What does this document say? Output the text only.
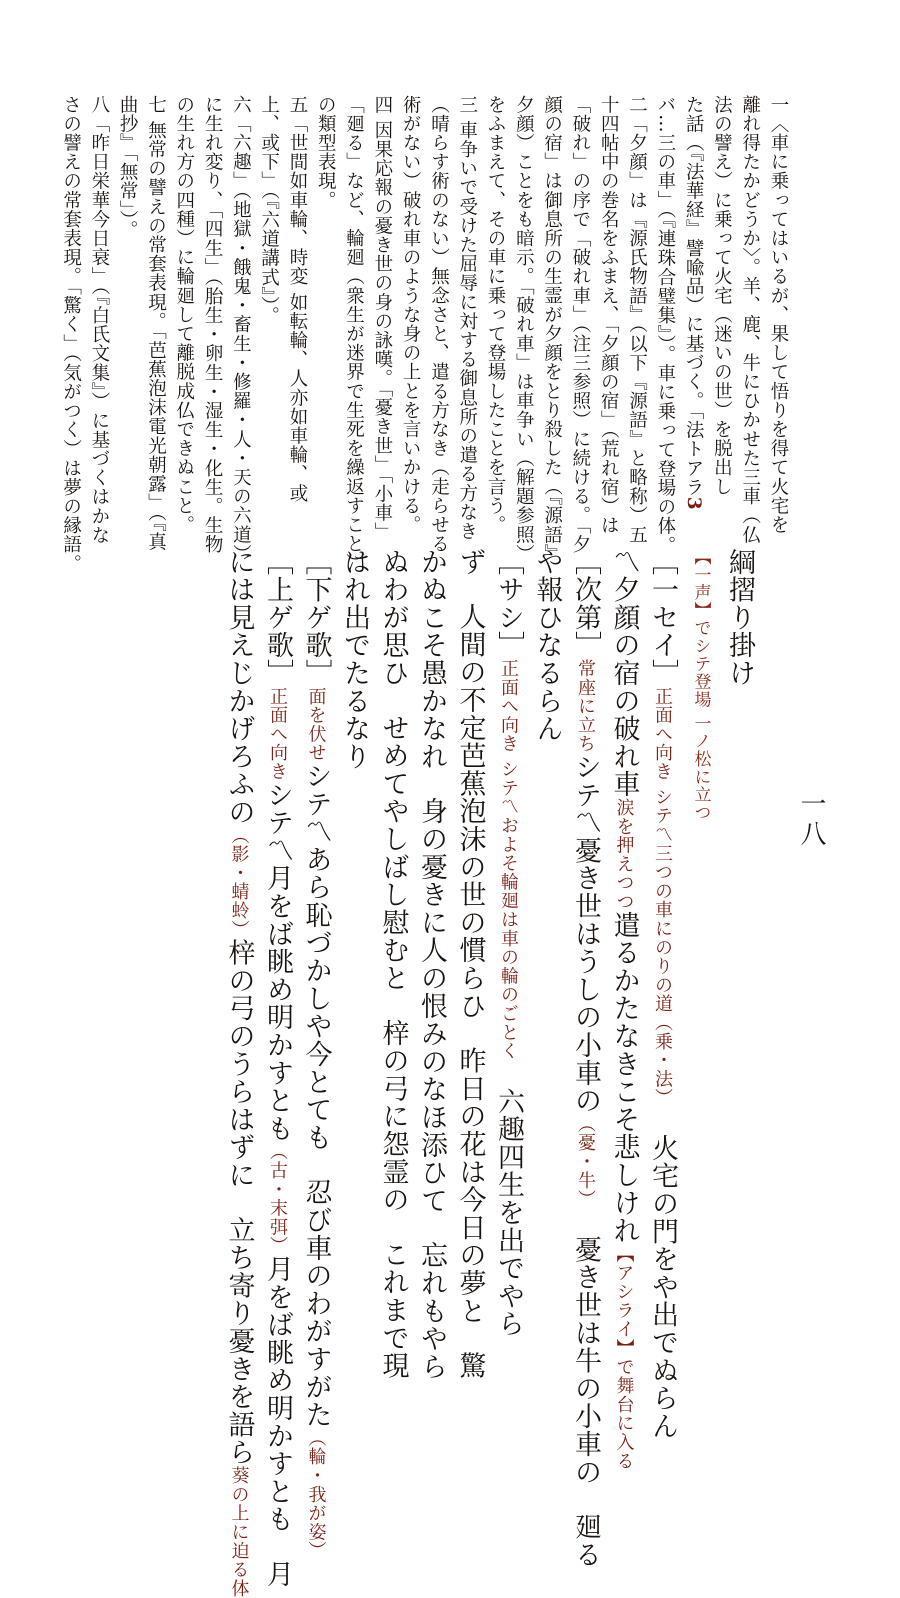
一八
一〈車に乗ってはいるが、果して悟りを得て火宅を
離れ得たかどうか〉。羊、鹿、牛にひかせた三車（仏
法の譬え）に乗って火宅（迷いの世）を脱出し
た話（『法華経』譬喩品）に基づく。「法トアラ3
バ…三の車」（『連珠合璧集』）。車に乗って登場の体。
二「夕顔」は『源氏物語』（以下『源語』と略称）五
十四帖中の巻名をふまえ、「夕顔の宿」（荒れ宿）は
「破れ」の序で「破れ車」（注三参照）に続ける。「夕
顔の宿」は御息所の生霊が夕顔をとり殺した（『源語』
夕顔）ことをも暗示。「破れ車」は車争い（解題参照）
をふまえて、その車に乗って登場したことを言う。
三 車争いで受けた屈辱に対する御息所の遣る方なき
（晴らす術のない）無念さと、遣る方なき（走らせる
術がない）破れ車のような身の上とを言いかける。
四 因果応報の憂き世の身の詠嘆。「憂き世」「小車」
「廻る」など、輪廻（衆生が迷界で生死を繰返すこと）
の類型表現。
五「世間如車輪、時変 如転輪、人亦如車輪、或
上、或下」（『六道講式』）。
六「六趣」（地獄・餓鬼・畜生・修羅・人・天の六道）
に生れ変り、「四生」（胎生・卵生・湿生・化生。生物
の生れ方の四種）に輪廻して離脱成仏できぬこと。
七 無常の譬えの常套表現。「芭蕉泡沫電光朝露」（『真
曲抄』「無常」）。
八「昨日栄華今日衰」（『白氏文集』）に基づくはかな
さの譬えの常套表現。「驚く」（気がつく）は夢の縁語。
綱摺り掛け
【一声】でシテ登場 一ノ松に立つ
［一セイ］正面へ向き シテ〽三つの車にのりの道（乗・法）火宅の門をや出でぬらん
〽夕顔の宿の破れ車涙を押えつつ遣るかたなきこそ悲しけれ【アシライ】で舞台に入る
［次第］常座に立ちシテ〽憂き世はうしの小車の（憂・牛）憂き世は牛の小車の廻る
や報ひなるらん
［サシ］正面へ向き シテ〽およそ輪廻は車の輪のごとく六趣四生を出でやら
ず人間の不定芭蕉泡沫の世の慣らひ昨日の花は今日の夢と驚
かぬこそ愚かなれ身の憂きに人の恨みのなほ添ひて忘れもやら
ぬわが思ひせめてやしばし慰むと梓の弓に怨霊のこれまで現
はれ出でたるなり
［下ゲ歌］面を伏せシテ〽あら恥づかしや今とても忍び車のわがすがた（輪・我が姿）
［上ゲ歌］正面へ向きシテ〽月をば眺め明かすとも（古・末弭）月をば眺め明かすとも月
には見えじかげろふの（影・蜻蛉）梓の弓のうらはずに立ち寄り憂きを語ら葵の上に迫る体
